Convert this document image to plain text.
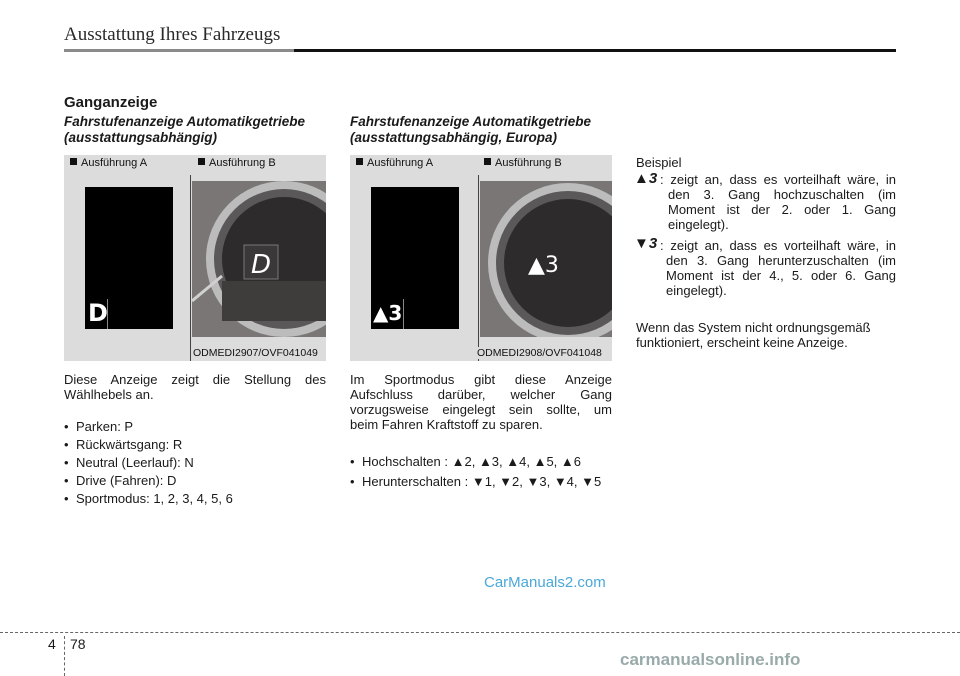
Ausstattung Ihres Fahrzeugs
Ganganzeige
Fahrstufenanzeige Automatikgetriebe
(ausstattungsabhängig)
Ausführung A	Ausführung B
D
D
ODMEDI2907/OVF041049
Diese Anzeige zeigt die Stellung des
Wählhebels an.
• Parken: P
• Rückwärtsgang: R
• Neutral (Leerlauf): N
• Drive (Fahren): D
• Sportmodus: 1, 2, 3, 4, 5, 6
Fahrstufenanzeige Automatikgetriebe
(ausstattungsabhängig, Europa)
Ausführung A	Ausführung B
▲3
▲3
ODMEDI2908/OVF041048
Im Sportmodus gibt diese Anzeige
Aufschluss darüber, welcher Gang
vorzugsweise eingelegt sein sollte, um
beim Fahren Kraftstoff zu sparen.
• Hochschalten : ▲2, ▲3, ▲4, ▲5, ▲6
• Herunterschalten : ▼1, ▼2, ▼3, ▼4, ▼5
Beispiel
▲3 : zeigt an, dass es vorteilhaft wäre, in
den 3. Gang hochzuschalten (im
Moment ist der 2. oder 1. Gang
eingelegt).
▼3 : zeigt an, dass es vorteilhaft wäre, in
den 3. Gang herunterzuschalten (im
Moment ist der 4., 5. oder 6. Gang
eingelegt).
Wenn das System nicht ordnungsgemäß
funktioniert, erscheint keine Anzeige.
CarManuals2.com
4 78
carmanualsonline.info
